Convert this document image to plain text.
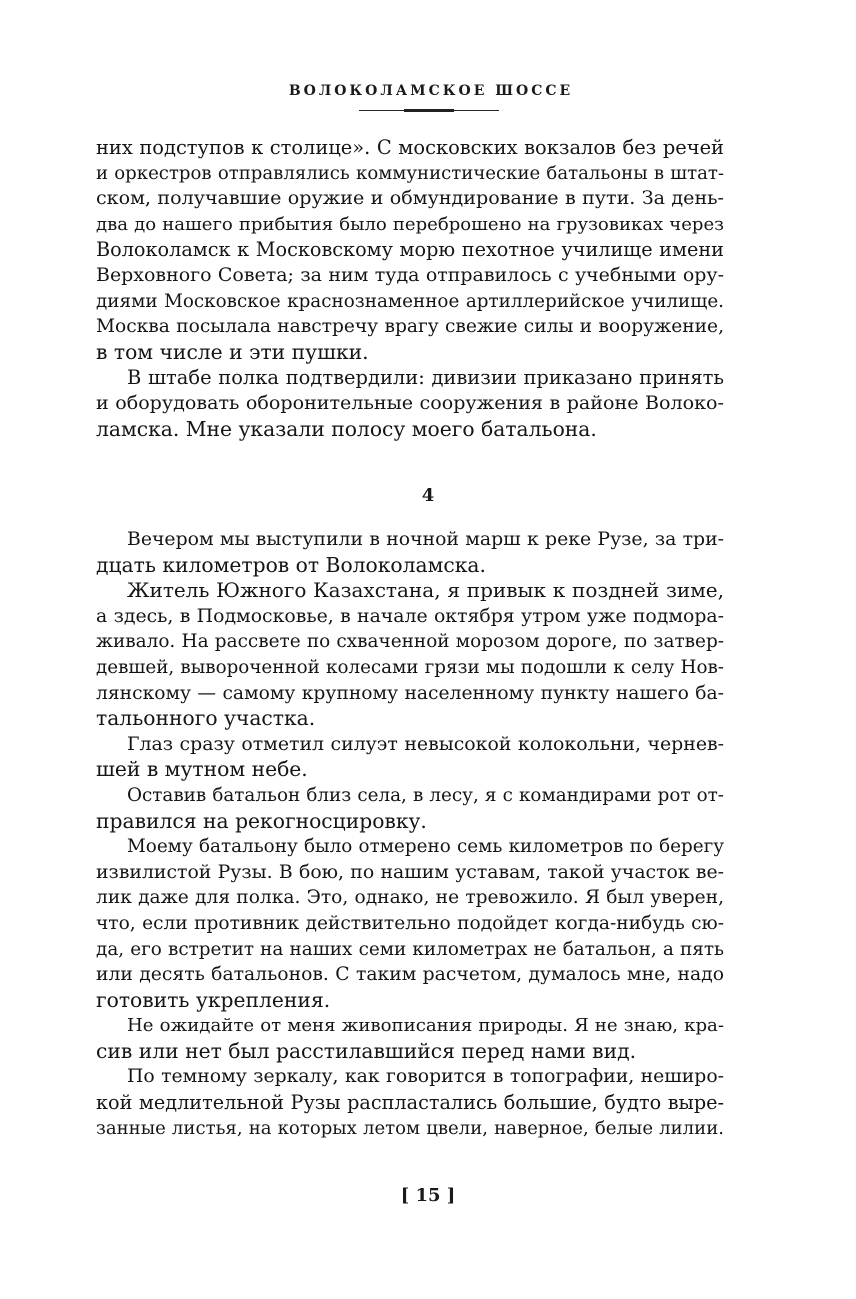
ВОЛОКОЛАМСКОЕ ШОССЕ
них подступов к столице». С московских вокзалов без речей
и оркестров отправлялись коммунистические батальоны в штат-
ском, получавшие оружие и обмундирование в пути. За день-
два до нашего прибытия было переброшено на грузовиках через
Волоколамск к Московскому морю пехотное училище имени
Верховного Совета; за ним туда отправилось с учебными ору-
диями Московское краснознаменное артиллерийское училище.
Москва посылала навстречу врагу свежие силы и вооружение,
в том числе и эти пушки.
В штабе полка подтвердили: дивизии приказано принять
и оборудовать оборонительные сооружения в районе Волоко-
ламска. Мне указали полосу моего батальона.
4
Вечером мы выступили в ночной марш к реке Рузе, за три-
дцать километров от Волоколамска.
Житель Южного Казахстана, я привык к поздней зиме,
а здесь, в Подмосковье, в начале октября утром уже подмора-
живало. На рассвете по схваченной морозом дороге, по затвер-
девшей, вывороченной колесами грязи мы подошли к селу Нов-
лянскому — самому крупному населенному пункту нашего ба-
тальонного участка.
Глаз сразу отметил силуэт невысокой колокольни, чернев-
шей в мутном небе.
Оставив батальон близ села, в лесу, я с командирами рот от-
правился на рекогносцировку.
Моему батальону было отмерено семь километров по берегу
извилистой Рузы. В бою, по нашим уставам, такой участок ве-
лик даже для полка. Это, однако, не тревожило. Я был уверен,
что, если противник действительно подойдет когда-нибудь сю-
да, его встретит на наших семи километрах не батальон, а пять
или десять батальонов. С таким расчетом, думалось мне, надо
готовить укрепления.
Не ожидайте от меня живописания природы. Я не знаю, кра-
сив или нет был расстилавшийся перед нами вид.
По темному зеркалу, как говорится в топографии, неширо-
кой медлительной Рузы распластались большие, будто выре-
занные листья, на которых летом цвели, наверное, белые лилии.
[ 15 ]
